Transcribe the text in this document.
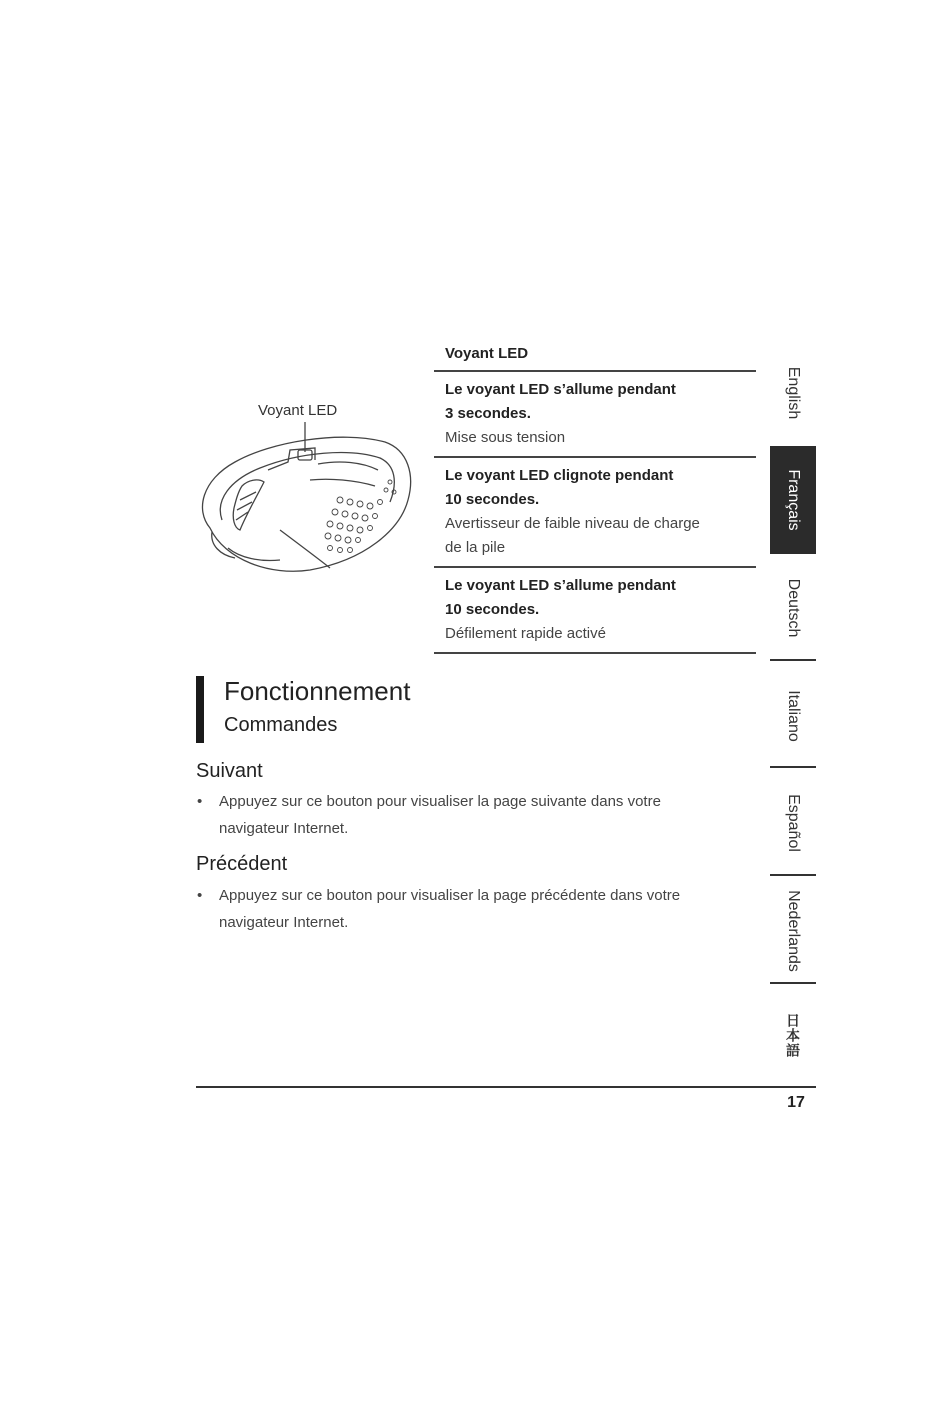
Voyant LED
Voyant LED
Le voyant LED s’allume pendant
3 secondes.
Mise sous tension
Le voyant LED clignote pendant
10 secondes.
Avertisseur de faible niveau de charge
de la pile
Le voyant LED s’allume pendant
10 secondes.
Défilement rapide activé
Fonctionnement
Commandes
Suivant
• Appuyez sur ce bouton pour visualiser la page suivante dans votre
navigateur Internet.
Précédent
• Appuyez sur ce bouton pour visualiser la page précédente dans votre
navigateur Internet.
English
Français
Deutsch
Italiano
Español
Nederlands
日本語
17
